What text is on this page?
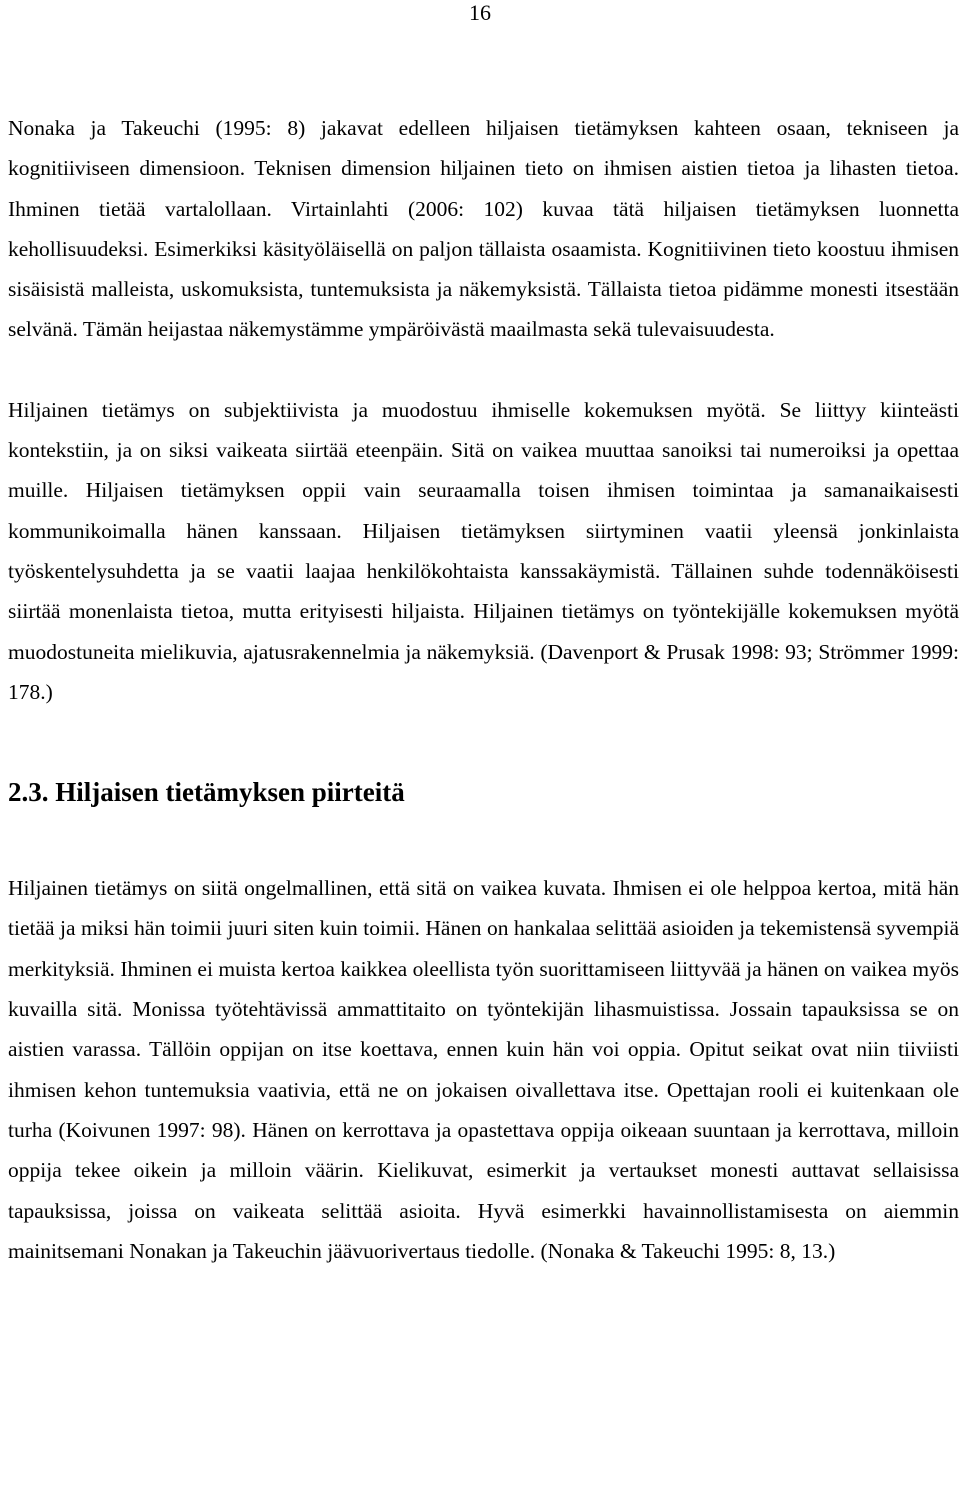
16

Nonaka ja Takeuchi (1995: 8) jakavat edelleen hiljaisen tietämyksen kahteen osaan, tekniseen ja kognitiiviseen dimensioon. Teknisen dimension hiljainen tieto on ihmisen aistien tietoa ja lihasten tietoa. Ihminen tietää vartalollaan. Virtainlahti (2006: 102) kuvaa tätä hiljaisen tietämyksen luonnetta kehollisuudeksi. Esimerkiksi käsityöläisellä on paljon tällaista osaamista. Kognitiivinen tieto koostuu ihmisen sisäisistä malleista, uskomuksista, tuntemuksista ja näkemyksistä. Tällaista tietoa pidämme monesti itsestään selvänä. Tämän heijastaa näkemystämme ympäröivästä maailmasta sekä tulevaisuudesta.

Hiljainen tietämys on subjektiivista ja muodostuu ihmiselle kokemuksen myötä. Se liittyy kiinteästi kontekstiin, ja on siksi vaikeata siirtää eteenpäin. Sitä on vaikea muuttaa sanoiksi tai numeroiksi ja opettaa muille. Hiljaisen tietämyksen oppii vain seuraamalla toisen ihmisen toimintaa ja samanaikaisesti kommunikoimalla hänen kanssaan. Hiljaisen tietämyksen siirtyminen vaatii yleensä jonkinlaista työskentelysuhdetta ja se vaatii laajaa henkilökohtaista kanssakäymistä. Tällainen suhde todennäköisesti siirtää monenlaista tietoa, mutta erityisesti hiljaista. Hiljainen tietämys on työntekijälle kokemuksen myötä muodostuneita mielikuvia, ajatusrakennelmia ja näkemyksiä. (Davenport & Prusak 1998: 93; Strömmer 1999: 178.)

2.3. Hiljaisen tietämyksen piirteitä

Hiljainen tietämys on siitä ongelmallinen, että sitä on vaikea kuvata. Ihmisen ei ole helppoa kertoa, mitä hän tietää ja miksi hän toimii juuri siten kuin toimii. Hänen on hankalaa selittää asioiden ja tekemistensä syvempiä merkityksiä. Ihminen ei muista kertoa kaikkea oleellista työn suorittamiseen liittyvää ja hänen on vaikea myös kuvailla sitä. Monissa työtehtävissä ammattitaito on työntekijän lihasmuistissa. Jossain tapauksissa se on aistien varassa. Tällöin oppijan on itse koettava, ennen kuin hän voi oppia. Opitut seikat ovat niin tiiviisti ihmisen kehon tuntemuksia vaativia, että ne on jokaisen oivallettava itse. Opettajan rooli ei kuitenkaan ole turha (Koivunen 1997: 98). Hänen on kerrottava ja opastettava oppija oikeaan suuntaan ja kerrottava, milloin oppija tekee oikein ja milloin väärin. Kielikuvat, esimerkit ja vertaukset monesti auttavat sellaisissa tapauksissa, joissa on vaikeata selittää asioita. Hyvä esimerkki havainnollistamisesta on aiemmin mainitsemani Nonakan ja Takeuchin jäävuorivertaus tiedolle. (Nonaka & Takeuchi 1995: 8, 13.)
